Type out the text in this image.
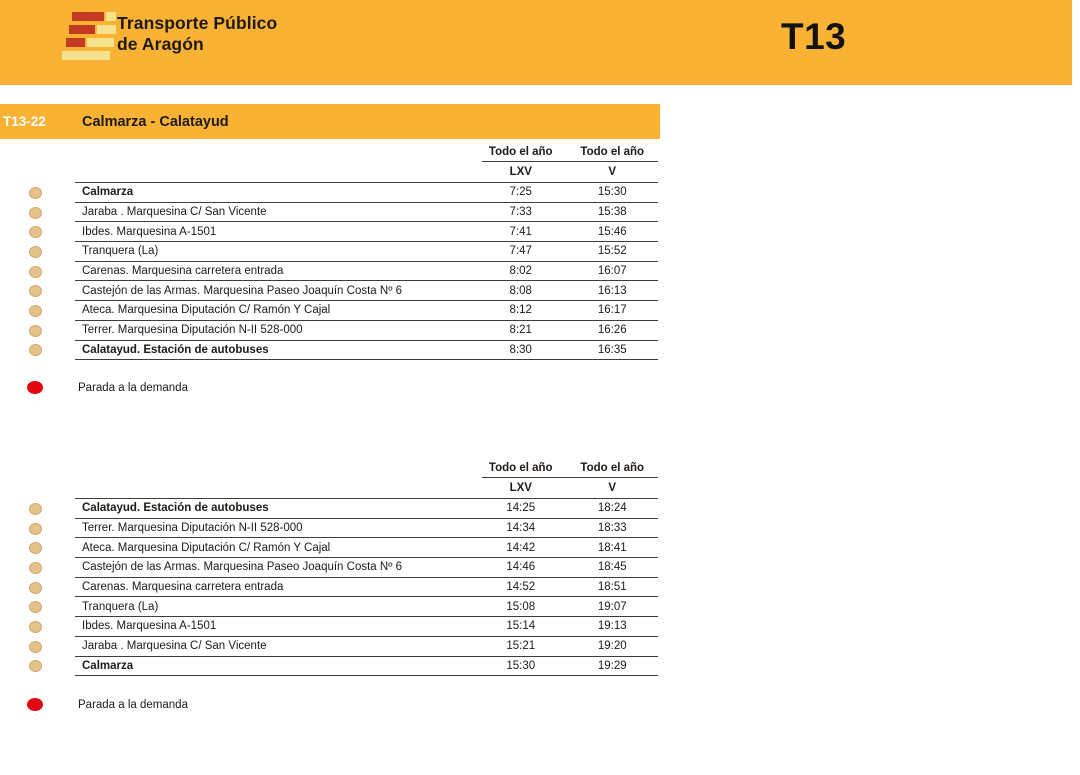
Transporte Público
de Aragón	T13
T13-22	Calmarza - Calatayud
Todo el año	Todo el año
LXV	V
Calmarza	7:25	15:30
Jaraba . Marquesina C/ San Vicente	7:33	15:38
Ibdes. Marquesina A-1501	7:41	15:46
Tranquera (La)	7:47	15:52
Carenas. Marquesina carretera entrada	8:02	16:07
Castejón de las Armas. Marquesina Paseo Joaquín Costa Nº 6	8:08	16:13
Ateca. Marquesina Diputación C/ Ramón Y Cajal	8:12	16:17
Terrer. Marquesina Diputación N-II 528-000	8:21	16:26
Calatayud. Estación de autobuses	8:30	16:35
Parada a la demanda
Todo el año	Todo el año
LXV	V
Calatayud. Estación de autobuses	14:25	18:24
Terrer. Marquesina Diputación N-II 528-000	14:34	18:33
Ateca. Marquesina Diputación C/ Ramón Y Cajal	14:42	18:41
Castejón de las Armas. Marquesina Paseo Joaquín Costa Nº 6	14:46	18:45
Carenas. Marquesina carretera entrada	14:52	18:51
Tranquera (La)	15:08	19:07
Ibdes. Marquesina A-1501	15:14	19:13
Jaraba . Marquesina C/ San Vicente	15:21	19:20
Calmarza	15:30	19:29
Parada a la demanda
